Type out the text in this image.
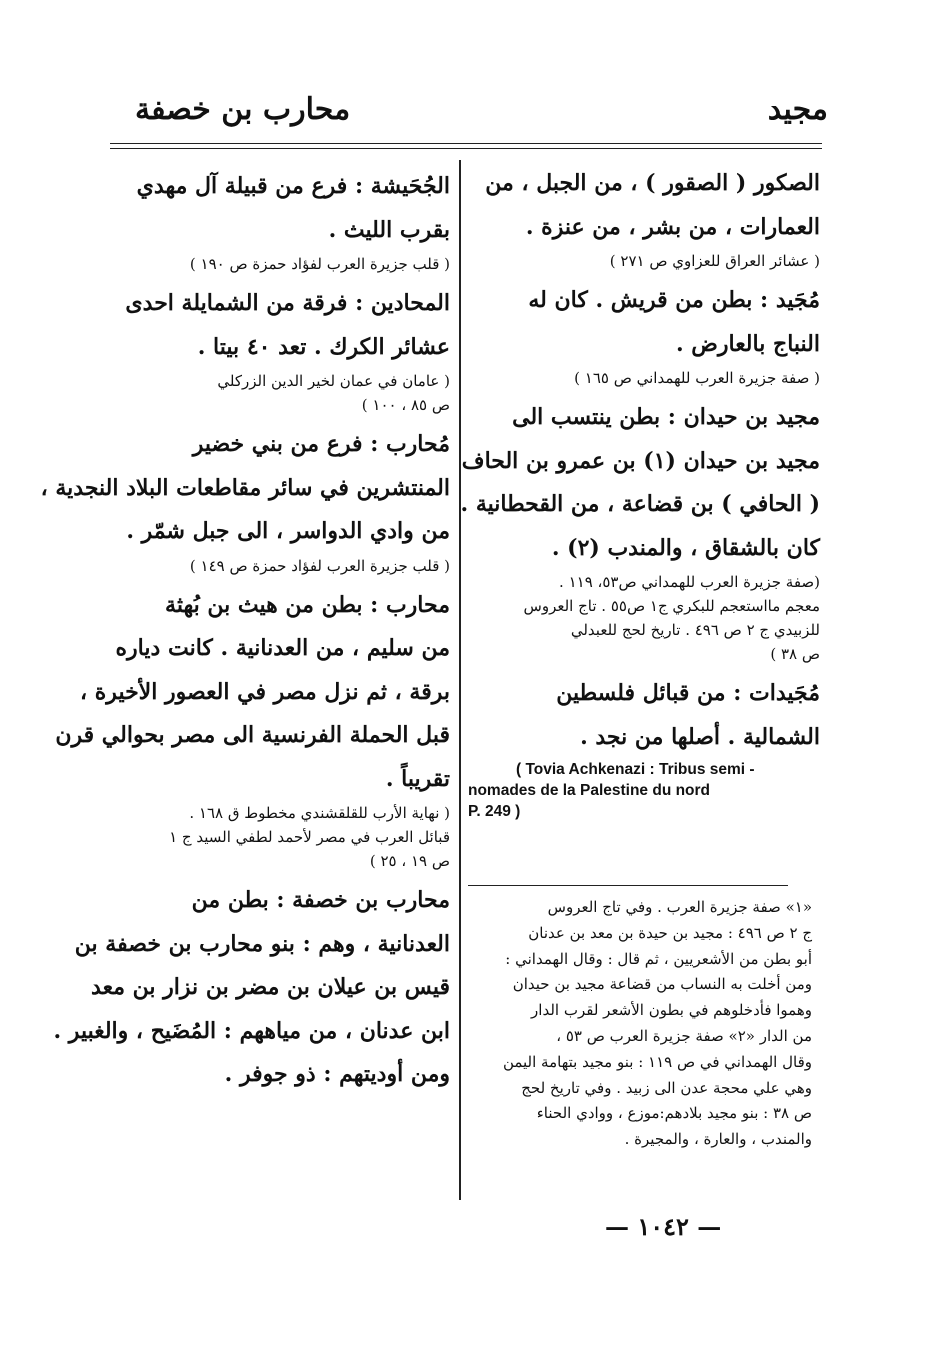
مجيد
محارب بن خصفة
الصكور ( الصقور ) ، من الجبل ، من
العمارات ، من بشر ، من عنزة .
( عشائر العراق للعزاوي ص ٢٧١ )
مُجَيد : بطن من قريش . كان له
النباج بالعارض .
( صفة جزيرة العرب للهمداني ص ١٦٥ )
مجيد بن حيدان : بطن ينتسب الى
مجيد بن حيدان (١) بن عمرو بن الحاف
( الحافي ) بن قضاعة ، من القحطانية .
كان بالشقاق ، والمندب (٢) .
(صفة جزيرة العرب للهمداني ص٥٣، ١١٩ .
معجم مااستعجم للبكري ج١ ص٥٥ . تاج العروس
للزبيدي ج ٢ ص ٤٩٦ . تاريخ لحج للعبدلي
ص ٣٨ )
مُجَيدات : من قبائل فلسطين
الشمالية . أصلها من نجد .
( Tovia Achkenazi : Tribus semi -
nomades de la Palestine du nord
P. 249 )
«١» صفة جزيرة العرب . وفي تاج العروس
ج ٢ ص ٤٩٦ : مجيد بن حيدة بن معد بن عدنان
أبو بطن من الأشعريين ، ثم قال : وقال الهمداني :
ومن أخلت به النساب من قضاعة مجيد بن حيدان
وهموا فأدخلوهم في بطون الأشعر لقرب الدار
من الدار «٢» صفة جزيرة العرب ص ٥٣ ،
وقال الهمداني في ص ١١٩ : بنو مجيد بتهامة اليمن
وهي علي محجة عدن الى زبيد . وفي تاريخ لحج
ص ٣٨ : بنو مجيد بلادهم:موزع ، ووادي الحناء
والمندب ، والعارة ، والمجيرة .
الجُحَيشة : فرع من قبيلة آل مهدي
بقرب الليث .
( قلب جزيرة العرب لفؤاد حمزة ص ١٩٠ )
المحادين : فرقة من الشمايلة احدى
عشائر الكرك . تعد ٤٠ بيتا .
( عامان في عمان لخير الدين الزركلي
ص ٨٥ ، ١٠٠ )
مُحارب : فرع من بني خضير
المنتشرين في سائر مقاطعات البلاد النجدية ،
من وادي الدواسر ، الى جبل شمّر .
( قلب جزيرة العرب لفؤاد حمزة ص ١٤٩ )
محارب : بطن من هيث بن بُهثة
من سليم ، من العدنانية . كانت دياره
برقة ، ثم نزل مصر في العصور الأخيرة ،
قبل الحملة الفرنسية الى مصر بحوالي قرن
تقريباً .
( نهاية الأرب للقلقشندي مخطوط ق ١٦٨ .
قبائل العرب في مصر لأحمد لطفي السيد ج ١
ص ١٩ ، ٢٥ )
محارب بن خصفة : بطن من
العدنانية ، وهم : بنو محارب بن خصفة بن
قيس بن عيلان بن مضر بن نزار بن معد
ابن عدنان ، من مياههم : المُضَيح ، والغبير .
ومن أوديتهم : ذو جوفر .
— ١٠٤٢ —
